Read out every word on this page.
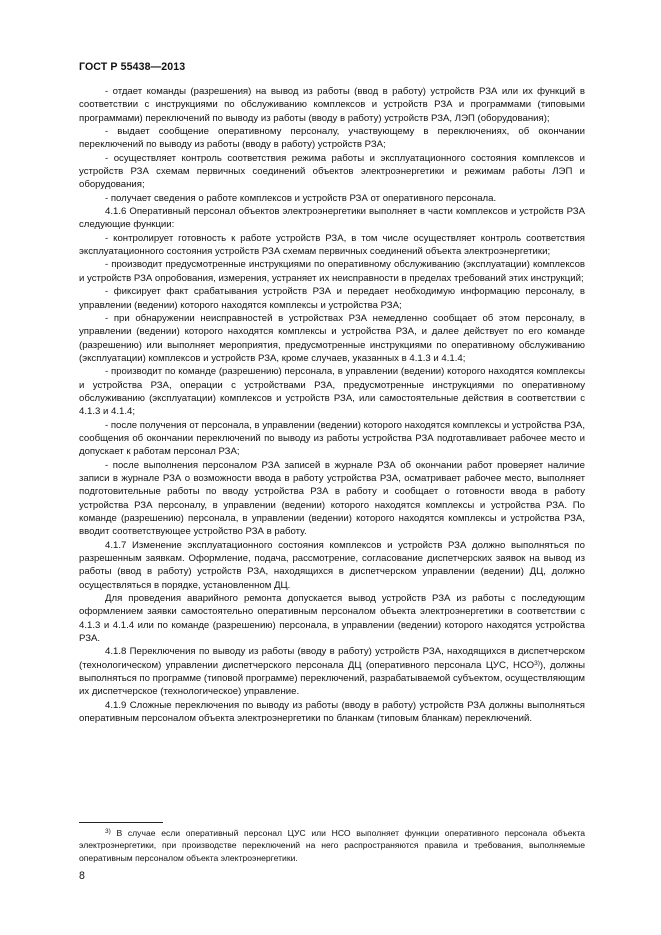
ГОСТ Р 55438—2013

- отдает команды (разрешения) на вывод из работы (ввод в работу) устройств РЗА или их функций в соответствии с инструкциями по обслуживанию комплексов и устройств РЗА и программами (типовыми программами) переключений по выводу из работы (вводу в работу) устройств РЗА, ЛЭП (оборудования);

- выдает сообщение оперативному персоналу, участвующему в переключениях, об окончании переключений по выводу из работы (вводу в работу) устройств РЗА;

- осуществляет контроль соответствия режима работы и эксплуатационного состояния комплексов и устройств РЗА схемам первичных соединений объектов электроэнергетики и режимам работы ЛЭП и оборудования;

- получает сведения о работе комплексов и устройств РЗА от оперативного персонала.

4.1.6 Оперативный персонал объектов электроэнергетики выполняет в части комплексов и устройств РЗА следующие функции:

- контролирует готовность к работе устройств РЗА, в том числе осуществляет контроль соответствия эксплуатационного состояния устройств РЗА схемам первичных соединений объекта электроэнергетики;

- производит предусмотренные инструкциями по оперативному обслуживанию (эксплуатации) комплексов и устройств РЗА опробования, измерения, устраняет их неисправности в пределах требований этих инструкций;

- фиксирует факт срабатывания устройств РЗА и передает необходимую информацию персоналу, в управлении (ведении) которого находятся комплексы и устройства РЗА;

- при обнаружении неисправностей в устройствах РЗА немедленно сообщает об этом персоналу, в управлении (ведении) которого находятся комплексы и устройства РЗА, и далее действует по его команде (разрешению) или выполняет мероприятия, предусмотренные инструкциями по оперативному обслуживанию (эксплуатации) комплексов и устройств РЗА, кроме случаев, указанных в 4.1.3 и 4.1.4;

- производит по команде (разрешению) персонала, в управлении (ведении) которого находятся комплексы и устройства РЗА, операции с устройствами РЗА, предусмотренные инструкциями по оперативному обслуживанию (эксплуатации) комплексов и устройств РЗА, или самостоятельные действия в соответствии с 4.1.3 и 4.1.4;

- после получения от персонала, в управлении (ведении) которого находятся комплексы и устройства РЗА, сообщения об окончании переключений по выводу из работы устройства РЗА подготавливает рабочее место и допускает к работам персонал РЗА;

- после выполнения персоналом РЗА записей в журнале РЗА об окончании работ проверяет наличие записи в журнале РЗА о возможности ввода в работу устройства РЗА, осматривает рабочее место, выполняет подготовительные работы по вводу устройства РЗА в работу и сообщает о готовности ввода в работу устройства РЗА персоналу, в управлении (ведении) которого находятся комплексы и устройства РЗА. По команде (разрешению) персонала, в управлении (ведении) которого находятся комплексы и устройства РЗА, вводит соответствующее устройство РЗА в работу.

4.1.7 Изменение эксплуатационного состояния комплексов и устройств РЗА должно выполняться по разрешенным заявкам. Оформление, подача, рассмотрение, согласование диспетчерских заявок на вывод из работы (ввод в работу) устройств РЗА, находящихся в диспетчерском управлении (ведении) ДЦ, должно осуществляться в порядке, установленном ДЦ.

Для проведения аварийного ремонта допускается вывод устройств РЗА из работы с последующим оформлением заявки самостоятельно оперативным персоналом объекта электроэнергетики в соответствии с 4.1.3 и 4.1.4 или по команде (разрешению) персонала, в управлении (ведении) которого находятся устройства РЗА.

4.1.8 Переключения по выводу из работы (вводу в работу) устройств РЗА, находящихся в диспетчерском (технологическом) управлении диспетчерского персонала ДЦ (оперативного персонала ЦУС, НСО$^{3)}$), должны выполняться по программе (типовой программе) переключений, разрабатываемой субъектом, осуществляющим их диспетчерское (технологическое) управление.

4.1.9 Сложные переключения по выводу из работы (вводу в работу) устройств РЗА должны выполняться оперативным персоналом объекта электроэнергетики по бланкам (типовым бланкам) переключений.

$^{3)}$ В случае если оперативный персонал ЦУС или НСО выполняет функции оперативного персонала объекта электроэнергетики, при производстве переключений на него распространяются правила и требования, выполняемые оперативным персоналом объекта электроэнергетики.

8
